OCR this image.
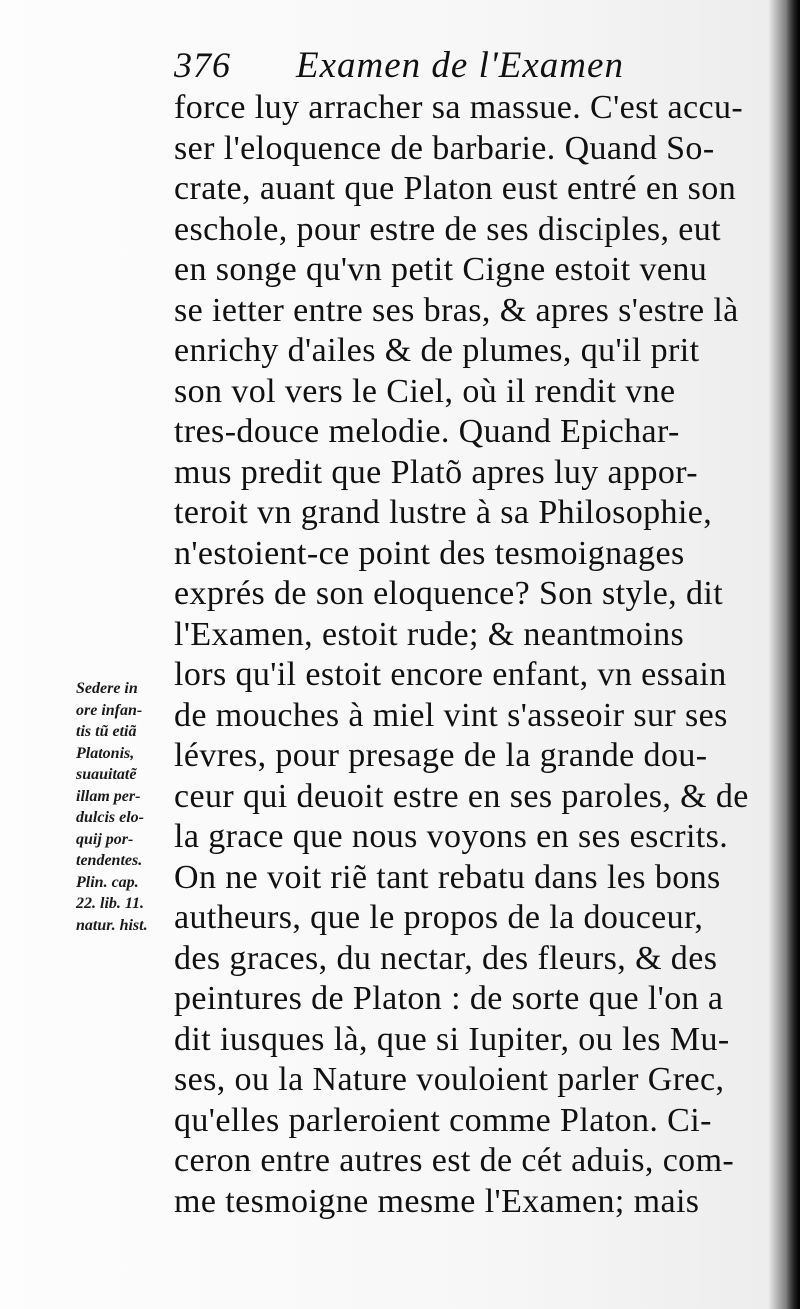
376 Examen de l'Examen
force luy arracher sa massue. C'est accu-
ser l'eloquence de barbarie. Quand So-
crate, auant que Platon eust entré en son
eschole, pour estre de ses disciples, eut
en songe qu'vn petit Cigne estoit venu
se ietter entre ses bras, & apres s'estre là
enrichy d'ailes & de plumes, qu'il prit
son vol vers le Ciel, où il rendit vne
tres-douce melodie. Quand Epichar-
mus predit que Platõ apres luy appor-
teroit vn grand lustre à sa Philosophie,
n'estoient-ce point des tesmoignages
exprés de son eloquence? Son style, dit
l'Examen, estoit rude; & neantmoins
lors qu'il estoit encore enfant, vn essain
de mouches à miel vint s'asseoir sur ses
lévres, pour presage de la grande dou-
ceur qui deuoit estre en ses paroles, & de
la grace que nous voyons en ses escrits.
On ne voit riẽ tant rebatu dans les bons
autheurs, que le propos de la douceur,
des graces, du nectar, des fleurs, & des
peintures de Platon : de sorte que l'on a
dit iusques là, que si Iupiter, ou les Mu-
ses, ou la Nature vouloient parler Grec,
qu'elles parleroient comme Platon. Ci-
ceron entre autres est de cét aduis, com-
me tesmoigne mesme l'Examen; mais
Sedere in
ore infan-
tis tũ etiã
Platonis,
suauitatẽ
illam per-
dulcis elo-
quij por-
tendentes.
Plin. cap.
22. lib. 11.
natur. hist.
